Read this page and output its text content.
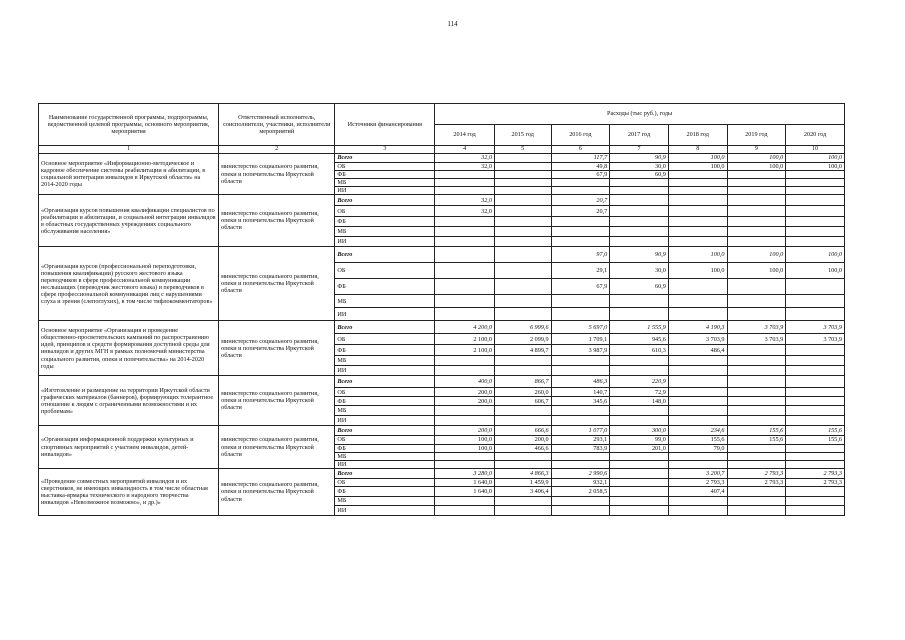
114
Наименование государственной программы, подпрограммы, ведомственной целевой программы, основного мероприятия, мероприятия	Ответственный исполнитель, соисполнители, участники, исполнители мероприятий	Источники финансирования	Расходы (тыс руб.), годы						
			2014 год	2015 год	2016 год	2017 год	2018 год	2019 год	2020 год
1	2	3	4	5	6	7	8	9	10
Основное мероприятие «Информационно-методическое и кадровое обеспечение системы реабилитации и абилитации, в социальной интеграции инвалидов в Иркутской области» на 2014-2020 годы	министерство социального развития, опеки и попечительства Иркутской области	Всего	32,0		117,7	90,9	100,0	100,0	100,0
		ОБ	32,0		49,8	30,0	100,0	100,0	100,0
		ФБ			67,9	60,9			
		МБ							
		ИИ							
«Организация курсов повышения квалификации специалистов по реабилитации и абилитации, и социальной интеграции инвалидов в областных государственных учреждениях социального обслуживания населения»	министерство социального развития, опеки и попечительства Иркутской области	Всего	32,0		20,7				
		ОБ	32,0		20,7				
		ФБ							
		МБ							
		ИИ							
«Организация курсов (профессиональной переподготовки, повышения квалификации) русского жестового языка переводчиков в сфере профессиональной коммуникации неслышащих (переводчик жестового языка) и переводчиков в сфере профессиональной коммуникации лиц с нарушениями слуха и зрения (слепоглухих), в том числе тифлокомментаторов»	министерство социального развития, опеки и попечительства Иркутской области	Всего			97,0	90,9	100,0	100,0	100,0
		ОБ			29,1	30,0	100,0	100,0	100,0
		ФБ			67,9	60,9			
		МБ							
		ИИ							
Основное мероприятие «Организация и проведение общественно-просветительских кампаний по распространению идей, принципов и средств формирования доступной среды для инвалидов и других МГН в рамках полномочий министерства социального развития, опеки и попечительства» на 2014-2020 годы	министерство социального развития, опеки и попечительства Иркутской области	Всего	4 200,0	6 999,6	5 697,0	1 555,9	4 190,3	3 703,9	3 703,9
		ОБ	2 100,0	2 099,9	1 709,1	945,6	3 703,9	3 703,9	3 703,9
		ФБ	2 100,0	4 899,7	3 987,9	610,3	486,4		
		МБ							
		ИИ							
«Изготовление и размещение на территории Иркутской области графических материалов (баннеров), формирующих толерантное отношение к людям с ограниченными возможностями и их проблемам»	министерство социального развития, опеки и попечительства Иркутской области	Всего	400,0	866,7	486,3	220,9			
		ОБ	200,0	260,0	140,7	72,9			
		ФБ	200,0	606,7	345,6	148,0			
		МБ							
		ИИ							
«Организация информационной поддержки культурных и спортивных мероприятий с участием инвалидов, детей-инвалидов»	министерство социального развития, опеки и попечительства Иркутской области	Всего	200,0	666,6	1 077,0	300,0	234,6	155,6	155,6
		ОБ	100,0	200,0	293,1	99,0	155,6	155,6	155,6
		ФБ	100,0	466,6	783,9	201,0	79,0		
		МБ							
		ИИ							
«Проведение совместных мероприятий инвалидов и их сверстников, не имеющих инвалидность в том числе областная выставка-ярмарка технического и народного творчества инвалидов «Невозможное возможно», и др.)»	министерство социального развития, опеки и попечительства Иркутской области	Всего	3 280,0	4 866,3	2 990,6		3 200,7	2 793,3	2 793,3
		ОБ	1 640,0	1 459,9	932,1		2 793,3	2 793,3	2 793,3
		ФБ	1 640,0	3 406,4	2 058,5		407,4		
		МБ							
		ИИ							
